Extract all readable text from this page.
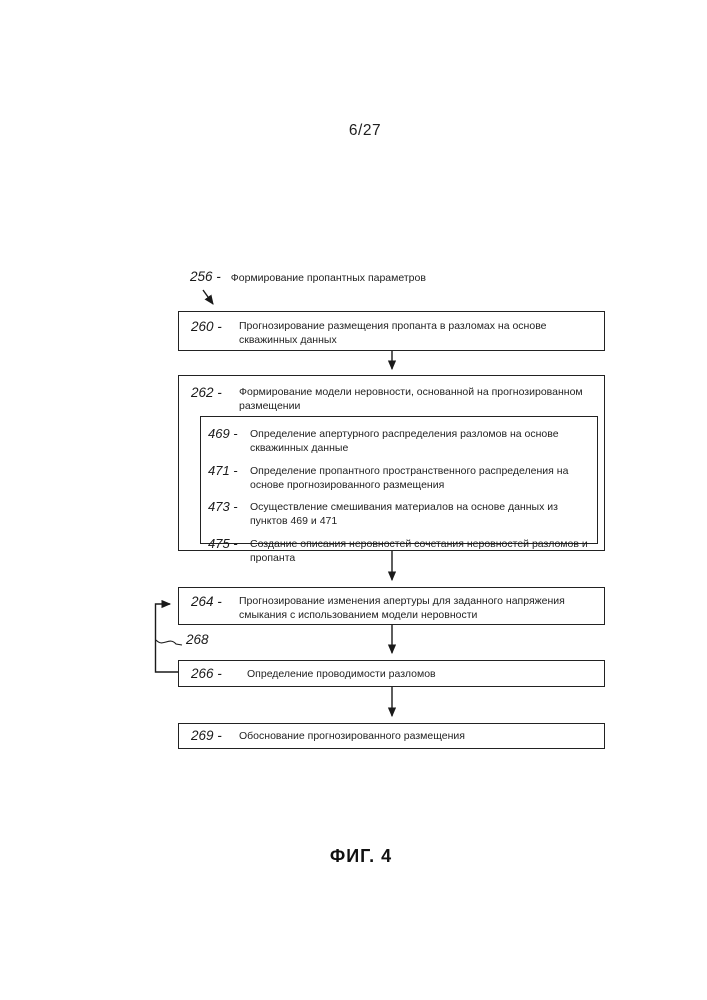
6/27
256 - Формирование пропантных параметров
260 -	Прогнозирование размещения пропанта в разломах на основе скважинных данных
262 -	Формирование модели неровности, основанной на прогнозированном размещении
469 -	Определение апертурного распределения разломов на основе скважинных данные
471 -	Определение пропантного пространственного распределения на основе прогнозированного размещения
473 -	Осуществление смешивания материалов на основе данных из пунктов 469 и 471
475 -	Создание описания неровностей сочетания неровностей разломов и пропанта
264 -	Прогнозирование изменения апертуры для заданного напряжения смыкания с использованием модели неровности
268
266 -	Определение проводимости разломов
269 -	Обоснование прогнозированного размещения
ФИГ. 4
